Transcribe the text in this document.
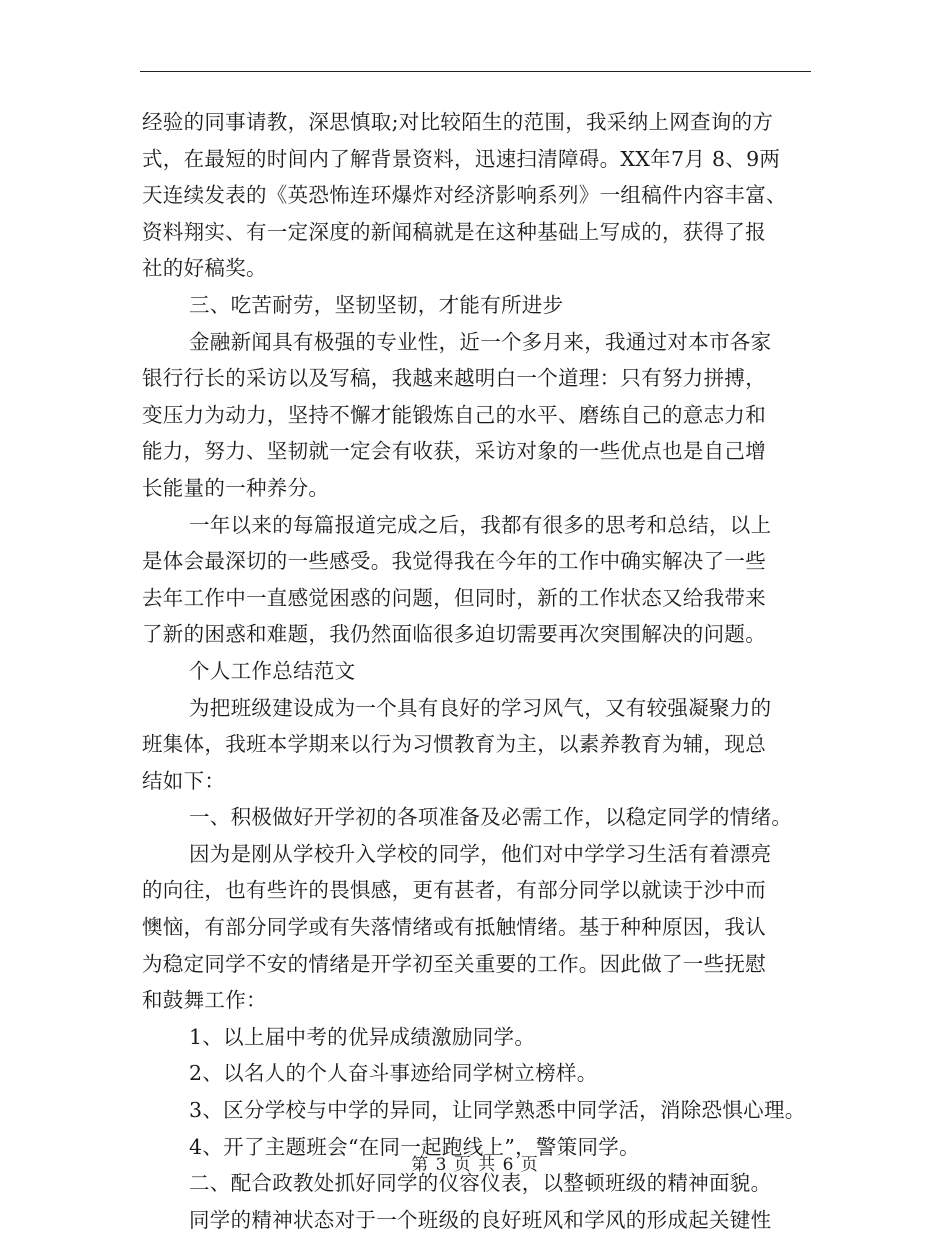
经验的同事请教，深思慎取;对比较陌生的范围，我采纳上网查询的方
式，在最短的时间内了解背景资料，迅速扫清障碍。XX年7月 8、9两
天连续发表的《英恐怖连环爆炸对经济影响系列》一组稿件内容丰富、
资料翔实、有一定深度的新闻稿就是在这种基础上写成的，获得了报
社的好稿奖。
三、吃苦耐劳，坚韧坚韧，才能有所进步
金融新闻具有极强的专业性，近一个多月来，我通过对本市各家
银行行长的采访以及写稿，我越来越明白一个道理：只有努力拼搏，
变压力为动力，坚持不懈才能锻炼自己的水平、磨练自己的意志力和
能力，努力、坚韧就一定会有收获，采访对象的一些优点也是自己增
长能量的一种养分。
一年以来的每篇报道完成之后，我都有很多的思考和总结，以上
是体会最深切的一些感受。我觉得我在今年的工作中确实解决了一些
去年工作中一直感觉困惑的问题，但同时，新的工作状态又给我带来
了新的困惑和难题，我仍然面临很多迫切需要再次突围解决的问题。
个人工作总结范文
为把班级建设成为一个具有良好的学习风气，又有较强凝聚力的
班集体，我班本学期来以行为习惯教育为主，以素养教育为辅，现总
结如下：
一、积极做好开学初的各项准备及必需工作，以稳定同学的情绪。
因为是刚从学校升入学校的同学，他们对中学学习生活有着漂亮
的向往，也有些许的畏惧感，更有甚者，有部分同学以就读于沙中而
懊恼，有部分同学或有失落情绪或有抵触情绪。基于种种原因，我认
为稳定同学不安的情绪是开学初至关重要的工作。因此做了一些抚慰
和鼓舞工作：
1、以上届中考的优异成绩激励同学。
2、以名人的个人奋斗事迹给同学树立榜样。
3、区分学校与中学的异同，让同学熟悉中同学活，消除恐惧心理。
4、开了主题班会“在同一起跑线上”，警策同学。
二、配合政教处抓好同学的仪容仪表，以整顿班级的精神面貌。
同学的精神状态对于一个班级的良好班风和学风的形成起关键性
第 3 页 共 6 页
